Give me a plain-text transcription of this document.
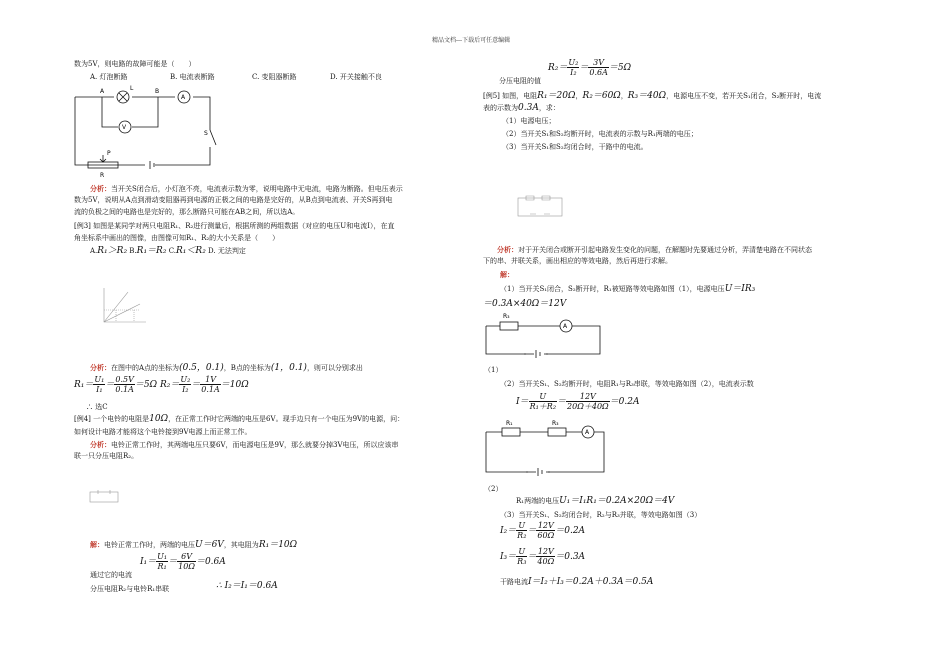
精品文档---下载后可任意编辑
数为5V，则电路的故障可能是（　　）
A. 灯泡断路	B. 电流表断路	C. 变阻器断路	D. 开关接触不良
A	B
L
A
V
S
P
R
分析：当开关S闭合后，小灯泡不亮，电流表示数为零，说明电路中无电流，电路为断路。但电压表示
数为5V，说明从A点到滑动变阻器再到电源的正极之间的电路是完好的，从B点到电流表、开关S再到电
流的负极之间的电路也是完好的，那么断路只可能在AB之间，所以选A。
[例3] 如图是某同学对两只电阻R₁、R₂进行测量后，根据所测的两组数据（对应的电压U和电流I），在直
角坐标系中画出的图像，由图像可知R₁、R₂的大小关系是（　　）
A.R₁＞R₂ B.R₁＝R₂ C.R₁＜R₂ D. 无法判定
分析：在图中的A点的坐标为(0.5，0.1)，B点的坐标为(1，0.1)，则可以分别求出
$R_1= \frac{\text{U₁}}{\text{I₁}} = \frac{0.5V}{0.1A} =5\Omega$ $R_2= \frac{\text{U₂}}{\text{I₂}} = \frac{1V}{0.1A} =10\Omega$
∴ 选C
[例4] 一个电铃的电阻是10Ω，在正常工作时它两端的电压是6V。现手边只有一个电压为9V的电源，问：
如何设计电路才能将这个电铃接到9V电源上而正常工作。
分析：电铃正常工作时，其两端电压只要6V，而电源电压是9V，那么就要分掉3V电压，所以应该串
联一只分压电阻R₂。
解：电铃正常工作时，两端的电压U＝6V，其电阻为R₁＝10Ω
$I_1= \frac{\text{U₁}}{\text{R₁}} = \frac{6V}{10\Omega} =0.6A$
通过它的电流
分压电阻R₂与电铃R₁串联	∴ I₂＝I₁＝0.6A
$R_2= \frac{\text{U₂}}{\text{I₂}} = \frac{3V}{0.6A} =5\Omega$
分压电阻的值
[例5] 如图，电阻R₁＝20Ω，R₂＝60Ω，R₃＝40Ω，电源电压不变，若开关S₁闭合，S₂断开时，电流
表的示数为0.3A，求：
（1）电源电压；
（2）当开关S₁和S₂均断开时，电流表的示数与R₁两端的电压；
（3）当开关S₁和S₂均闭合时，干路中的电流。
分析：对于开关闭合或断开引起电路发生变化的问题，在解题时先要通过分析，弄清楚电路在不同状态
下的串、并联关系，画出相应的等效电路，然后再进行求解。
解：
（1）当开关S₁闭合，S₂断开时，R₁被短路等效电路如图（1），电源电压U＝IR₃
＝0.3A×40Ω＝12V
R₃
A
（1）
（2）当开关S₁、S₂均断开时，电阻R₁与R₃串联，等效电路如图（2），电流表示数
$I= \frac{U}{\text{R₁＋R₂}} = \frac{12V}{20\Omega+40\Omega} =0.2A$
R₁	R₃
A
（2）
R₁两端的电压U₁＝I₁R₁＝0.2A×20Ω＝4V
（3）当开关S₁、S₂均闭合时，R₂与R₃并联，等效电路如图（3）
$I_2= \frac{U}{\text{R₂}} = \frac{12V}{60\Omega} =0.2A$
$I_3= \frac{U}{\text{R₃}} = \frac{12V}{40\Omega} =0.3A$
干路电流I＝I₂＋I₃＝0.2A＋0.3A＝0.5A
